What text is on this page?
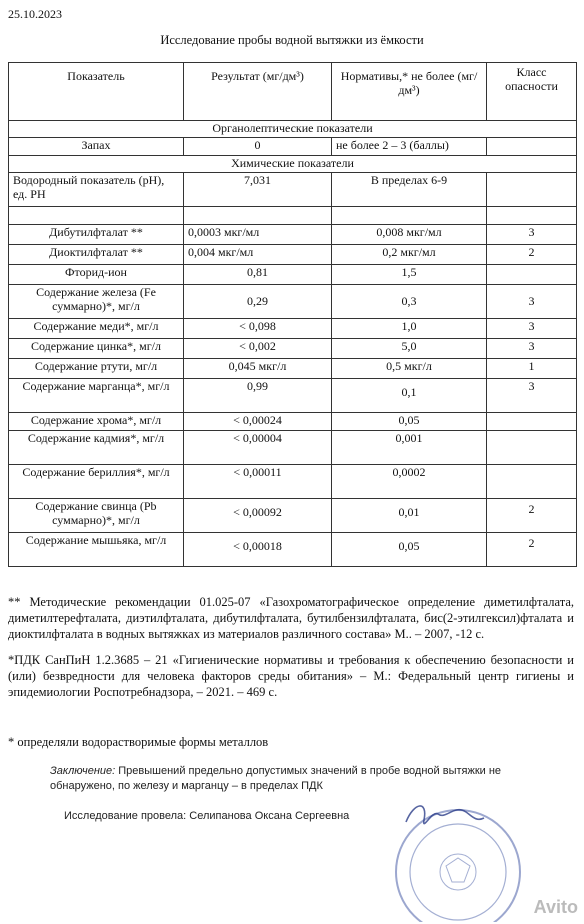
25.10.2023
Исследование пробы водной вытяжки из ёмкости
Показатель	Результат (мг/дм³)	Нормативы,* не более (мг/дм³)	Класс опасности
Органолептические показатели			
Запах	0	не более 2 – 3 (баллы)	
Химические показатели			
Водородный показатель (pH), ед. PH	7,031	В пределах 6-9	

Дибутилфталат **	0,0003 мкг/мл	0,008 мкг/мл	3
Диоктилфталат **	0,004 мкг/мл	0,2 мкг/мл	2
Фторид-ион	0,81	1,5	
Содержание железа (Fe суммарно)*, мг/л	0,29	0,3	3
Содержание меди*, мг/л	< 0,098	1,0	3
Содержание цинка*, мг/л	< 0,002	5,0	3
Содержание ртути, мг/л	0,045 мкг/л	0,5 мкг/л	1
Содержание марганца*, мг/л	0,99	0,1	3
Содержание хрома*, мг/л	< 0,00024	0,05	
Содержание кадмия*, мг/л	< 0,00004	0,001	
Содержание бериллия*, мг/л	< 0,00011	0,0002	
Содержание свинца (Pb суммарно)*, мг/л	< 0,00092	0,01	2
Содержание мышьяка, мг/л	< 0,00018	0,05	2
** Методические рекомендации 01.025-07 «Газохроматографическое определение диметилфталата, диметилтерефталата, диэтилфталата, дибутилфталата, бутилбензилфталата, бис(2-этилгексил)фталата и диоктилфталата в водных вытяжках из материалов различного состава» М.. – 2007, -12 с.
*ПДК СанПиН 1.2.3685 – 21 «Гигиенические нормативы и требования к обеспечению безопасности и (или) безвредности для человека факторов среды обитания» – М.: Федеральный центр гигиены и эпидемиологии Роспотребнадзора, – 2021. – 469 с.
* определяли водорастворимые формы металлов
Заключение: Превышений предельно допустимых значений в пробе водной вытяжки не обнаружено, по железу и марганцу – в пределах ПДК
Исследование провела: Селипанова Оксана Сергеевна
Avito
